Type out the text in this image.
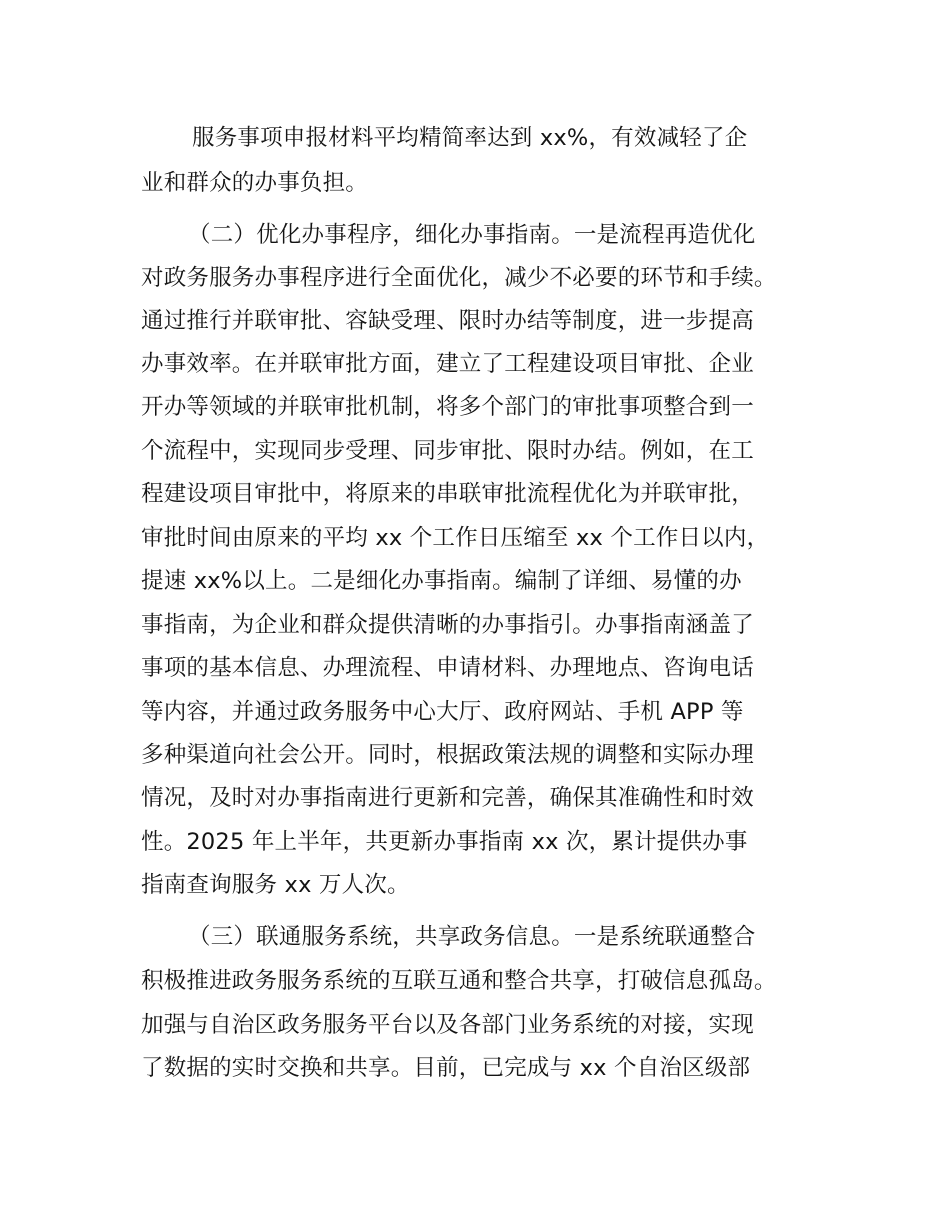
服务事项申报材料平均精简率达到 xx%，有效减轻了企

业和群众的办事负担。

（二）优化办事程序，细化办事指南。一是流程再造优化

对政务服务办事程序进行全面优化，减少不必要的环节和手续。

通过推行并联审批、容缺受理、限时办结等制度，进一步提高

办事效率。在并联审批方面，建立了工程建设项目审批、企业

开办等领域的并联审批机制，将多个部门的审批事项整合到一

个流程中，实现同步受理、同步审批、限时办结。例如，在工

程建设项目审批中，将原来的串联审批流程优化为并联审批，

审批时间由原来的平均 xx 个工作日压缩至 xx 个工作日以内，

提速 xx%以上。二是细化办事指南。编制了详细、易懂的办

事指南，为企业和群众提供清晰的办事指引。办事指南涵盖了

事项的基本信息、办理流程、申请材料、办理地点、咨询电话

等内容，并通过政务服务中心大厅、政府网站、手机 APP 等

多种渠道向社会公开。同时，根据政策法规的调整和实际办理

情况，及时对办事指南进行更新和完善，确保其准确性和时效

性。2025 年上半年，共更新办事指南 xx 次，累计提供办事

指南查询服务 xx 万人次。

（三）联通服务系统，共享政务信息。一是系统联通整合

积极推进政务服务系统的互联互通和整合共享，打破信息孤岛。

加强与自治区政务服务平台以及各部门业务系统的对接，实现

了数据的实时交换和共享。目前，已完成与 xx 个自治区级部
